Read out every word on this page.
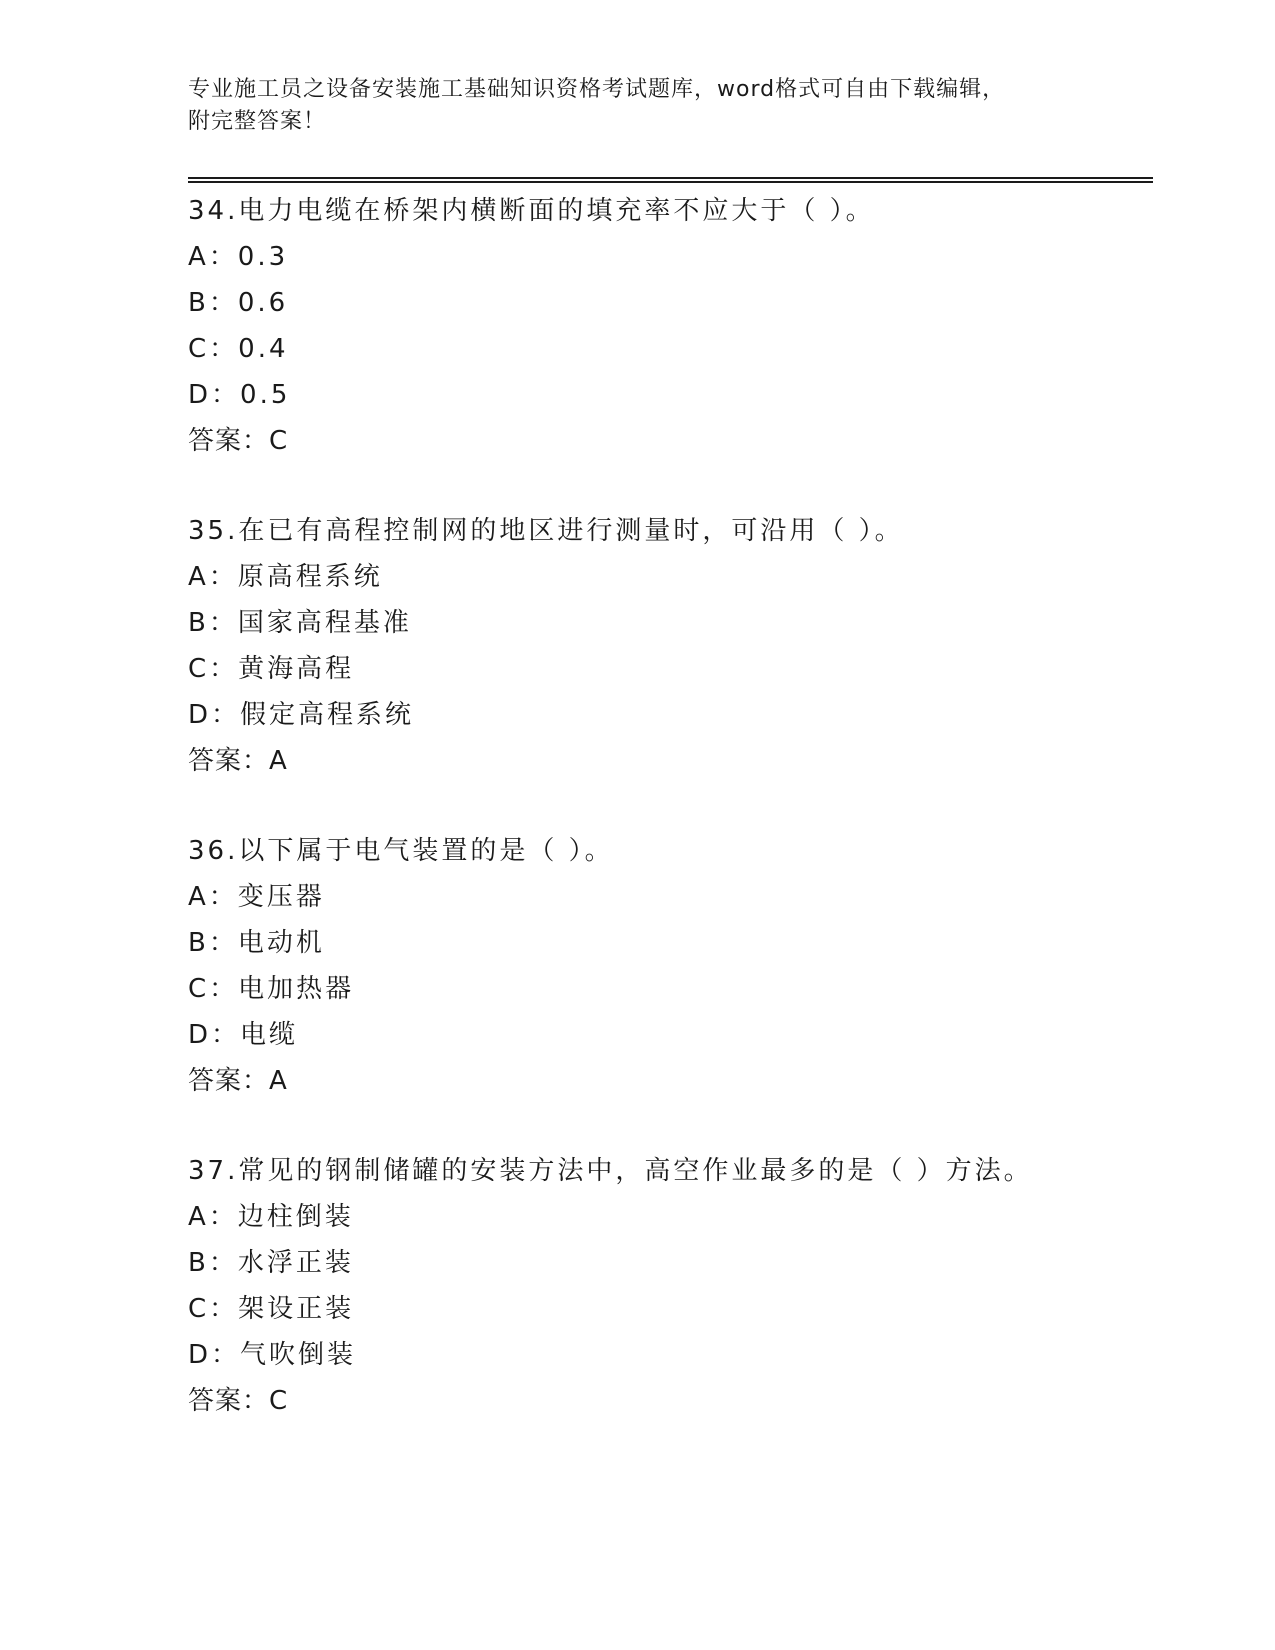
专业施工员之设备安装施工基础知识资格考试题库，word格式可自由下载编辑，
附完整答案！
34.电力电缆在桥架内横断面的填充率不应大于（ ）。
A：0.3
B：0.6
C：0.4
D：0.5
答案：C
35.在已有高程控制网的地区进行测量时，可沿用（ ）。
A：原高程系统
B：国家高程基准
C：黄海高程
D：假定高程系统
答案：A
36.以下属于电气装置的是（ ）。
A：变压器
B：电动机
C：电加热器
D：电缆
答案：A
37.常见的钢制储罐的安装方法中，高空作业最多的是（ ）方法。
A：边柱倒装
B：水浮正装
C：架设正装
D：气吹倒装
答案：C
